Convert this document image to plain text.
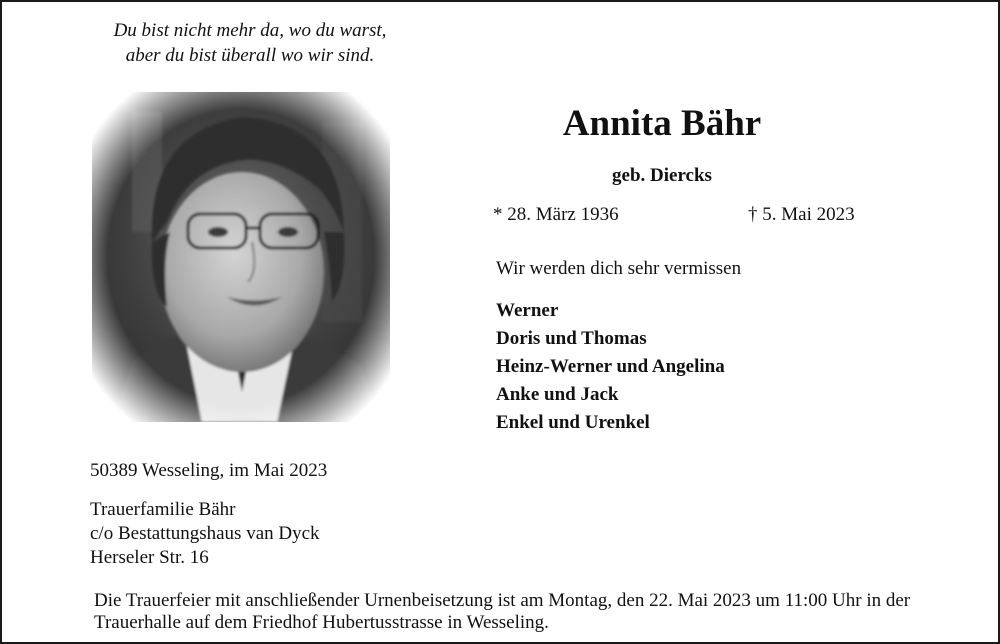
Du bist nicht mehr da, wo du warst,
aber du bist überall wo wir sind.
Annita Bähr
geb. Diercks
* 28. März 1936	† 5. Mai 2023
Wir werden dich sehr vermissen
Werner
Doris und Thomas
Heinz-Werner und Angelina
Anke und Jack
Enkel und Urenkel
50389 Wesseling, im Mai 2023
Trauerfamilie Bähr
c/o Bestattungshaus van Dyck
Herseler Str. 16
Die Trauerfeier mit anschließender Urnenbeisetzung ist am Montag, den 22. Mai 2023 um 11:00 Uhr in der
Trauerhalle auf dem Friedhof Hubertusstrasse in Wesseling.
